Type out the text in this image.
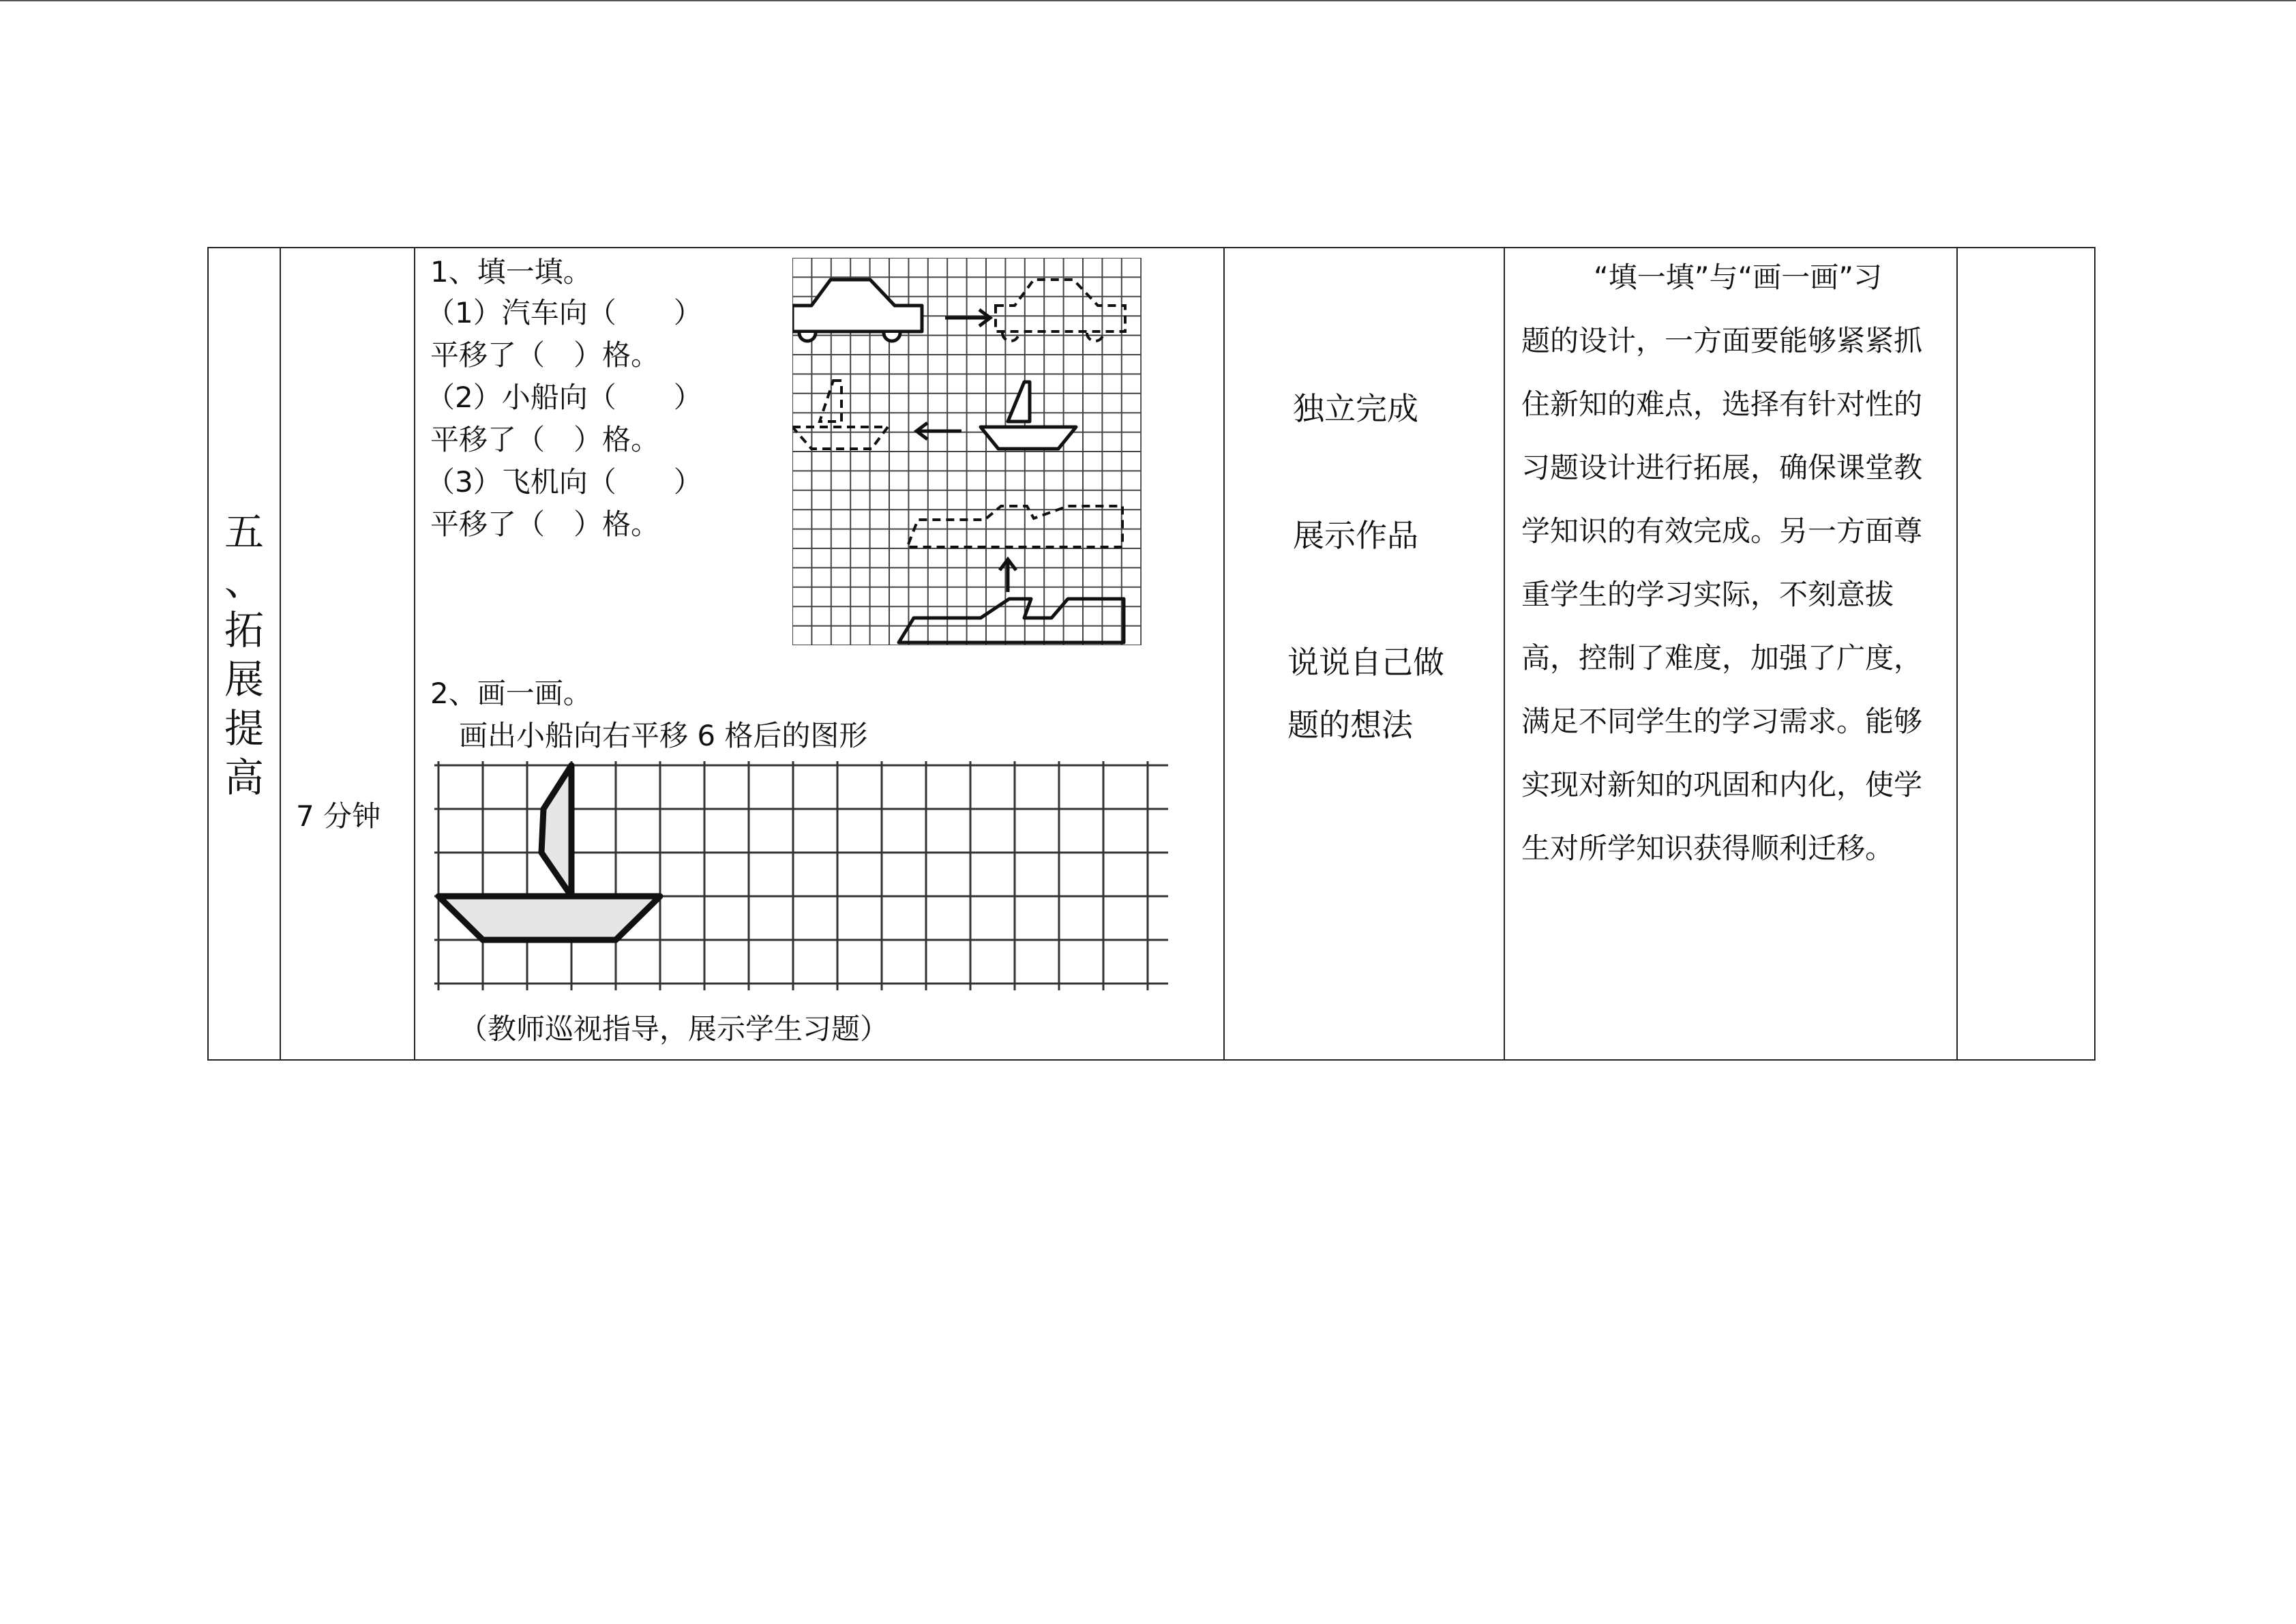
五
、
拓
展
提
高

7 分钟

1、填一填。
（1）汽车向（　　）
平移了（　）格。
（2）小船向（　　）
平移了（　）格。
（3）飞机向（　　）
平移了（　）格。
2、画一画。
画出小船向右平移 6 格后的图形
（教师巡视指导，展示学生习题）

独立完成
展示作品
说说自己做
题的想法

“填一填”与“画一画”习
题的设计，一方面要能够紧紧抓
住新知的难点，选择有针对性的
习题设计进行拓展，确保课堂教
学知识的有效完成。另一方面尊
重学生的学习实际，不刻意拔
高，控制了难度，加强了广度，
满足不同学生的学习需求。能够
实现对新知的巩固和内化，使学
生对所学知识获得顺利迁移。
